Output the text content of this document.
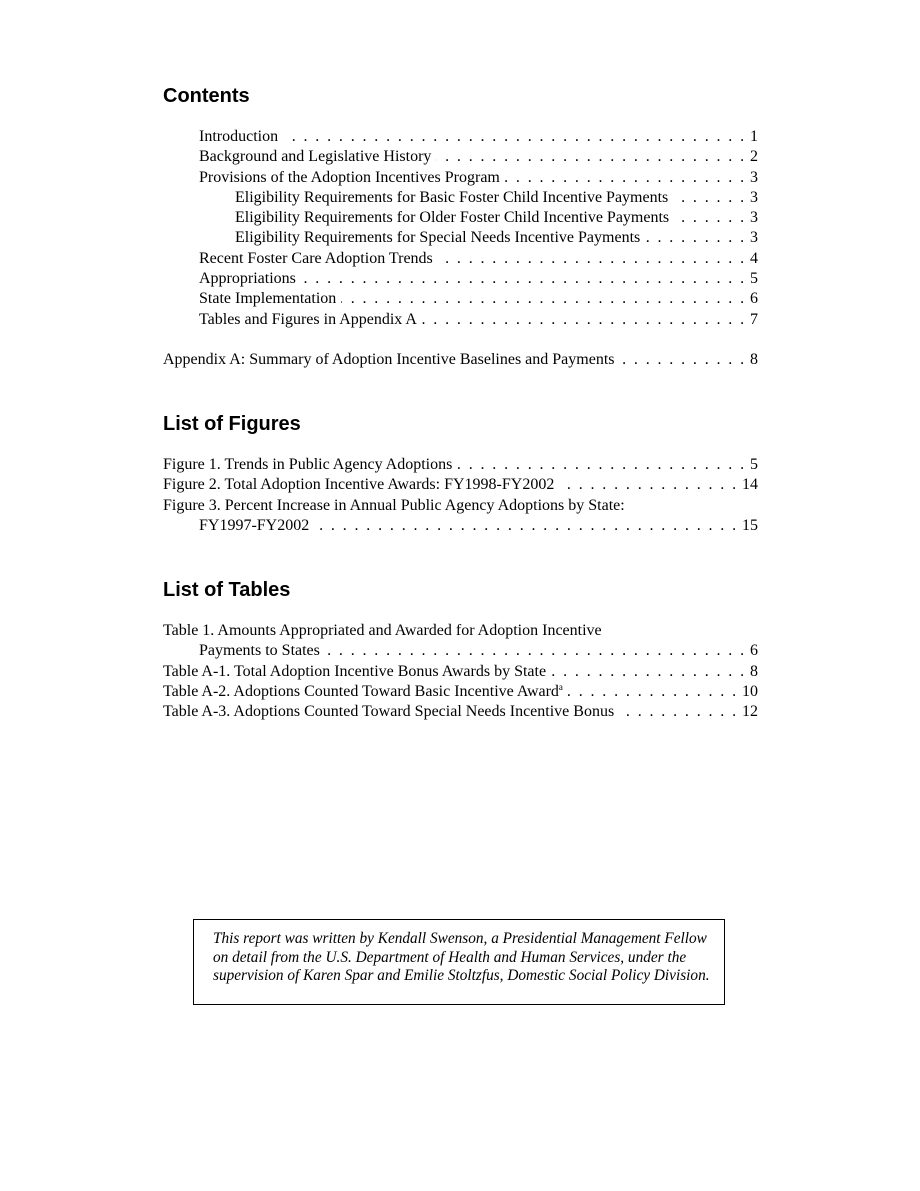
Contents
Introduction . . .	1
Background and Legislative History . . .	2
Provisions of the Adoption Incentives Program . . .	3
Eligibility Requirements for Basic Foster Child Incentive Payments . . .	3
Eligibility Requirements for Older Foster Child Incentive Payments . . .	3
Eligibility Requirements for Special Needs Incentive Payments . . .	3
Recent Foster Care Adoption Trends . . .	4
Appropriations . . .	5
State Implementation . . .	6
Tables and Figures in Appendix A . . .	7
Appendix A: Summary of Adoption Incentive Baselines and Payments . . .	8
List of Figures
Figure 1. Trends in Public Agency Adoptions . . .	5
Figure 2. Total Adoption Incentive Awards: FY1998-FY2002 . . .	14
Figure 3. Percent Increase in Annual Public Agency Adoptions by State:
FY1997-FY2002 . . .	15
List of Tables
Table 1. Amounts Appropriated and Awarded for Adoption Incentive
Payments to States . . .	6
Table A-1. Total Adoption Incentive Bonus Awards by State . . .	8
Table A-2. Adoptions Counted Toward Basic Incentive Award$^a$ . . .	10
Table A-3. Adoptions Counted Toward Special Needs Incentive Bonus . . .	12
This report was written by Kendall Swenson, a Presidential Management Fellow on detail from the U.S. Department of Health and Human Services, under the supervision of Karen Spar and Emilie Stoltzfus, Domestic Social Policy Division.
